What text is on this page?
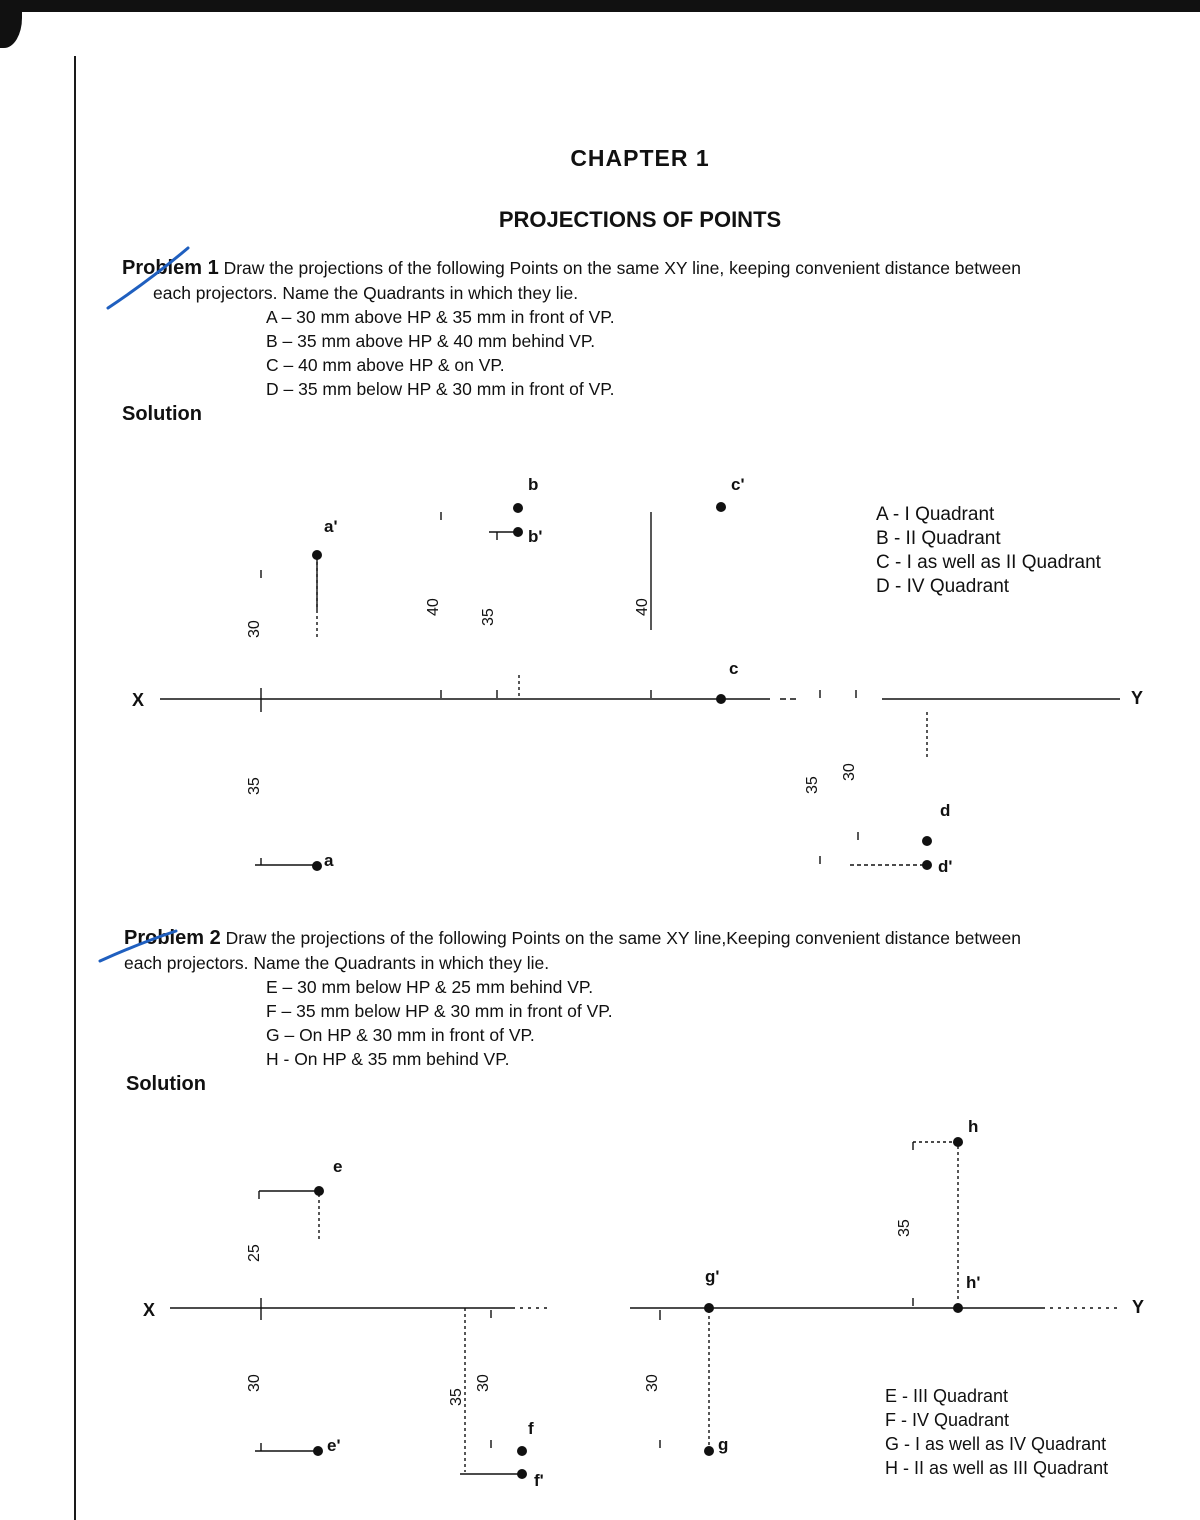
CHAPTER 1
PROJECTIONS OF POINTS
Problem 1 Draw the projections of the following Points on the same XY line, keeping convenient distance between
each projectors. Name the Quadrants in which they lie.
A – 30 mm above HP & 35 mm in front of VP.
B – 35 mm above HP & 40 mm behind VP.
C – 40 mm above HP & on VP.
D – 35 mm below HP & 30 mm in front of VP.
Solution
A - I Quadrant
B - II Quadrant
C - I as well as II Quadrant
D - IV Quadrant
X	Y
a'
a
b
b'
c'
c
d
d'
30
35
40
35
40
35
30
Problem 2 Draw the projections of the following Points on the same XY line,Keeping convenient distance between
each projectors. Name the Quadrants in which they lie.
E – 30 mm below HP & 25 mm behind VP.
F – 35 mm below HP & 30 mm in front of VP.
G – On HP & 30 mm in front of VP.
H - On HP & 35 mm behind VP.
Solution
E - III Quadrant
F - IV Quadrant
G - I as well as IV Quadrant
H - II as well as III Quadrant
X	Y
e
e'
f
f'
g'
g
h
h'
25
30
35
30	30
35
